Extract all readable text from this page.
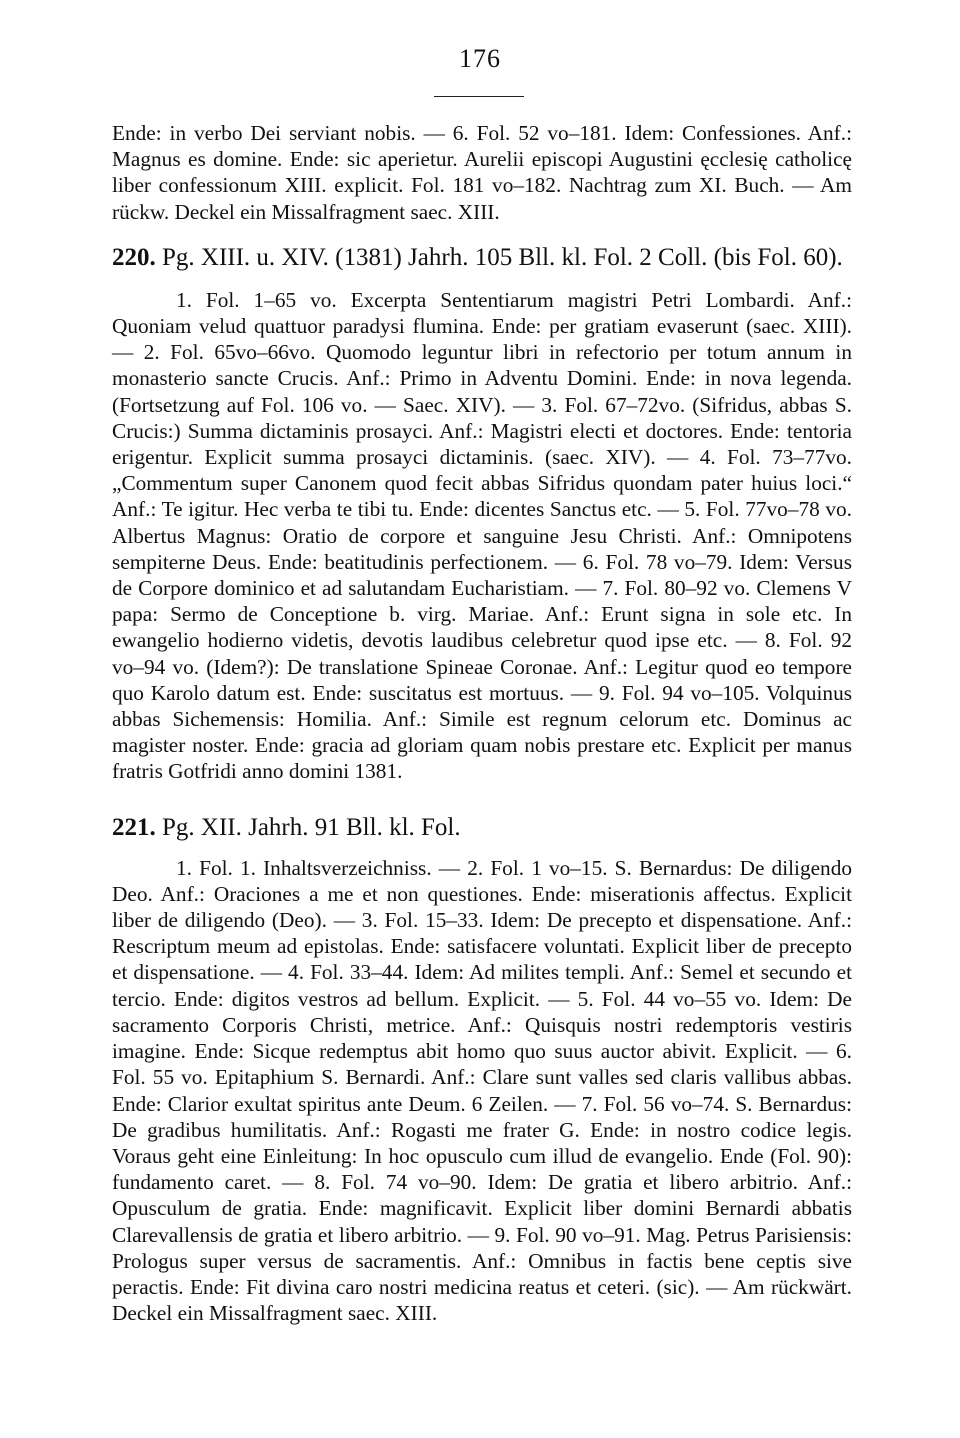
176
Ende: in verbo Dei serviant nobis. — 6. Fol. 52 vo–181. Idem: Confessiones. Anf.: Magnus es domine. Ende: sic aperietur. Aurelii episcopi Augustini ęcclesię catholicę liber confessionum XIII. explicit. Fol. 181 vo–182. Nachtrag zum XI. Buch. — Am rückw. Deckel ein Missalfragment saec. XIII.
220. Pg. XIII. u. XIV. (1381) Jahrh. 105 Bll. kl. Fol. 2 Coll. (bis Fol. 60).
1. Fol. 1–65 vo. Excerpta Sententiarum magistri Petri Lombardi. Anf.: Quoniam velud quattuor paradysi flumina. Ende: per gratiam evaserunt (saec. XIII). — 2. Fol. 65vo–66vo. Quomodo leguntur libri in refectorio per totum annum in monasterio sancte Crucis. Anf.: Primo in Adventu Domini. Ende: in nova legenda. (Fortsetzung auf Fol. 106 vo. — Saec. XIV). — 3. Fol. 67–72vo. (Sifridus, abbas S. Crucis:) Summa dictaminis prosayci. Anf.: Magistri electi et doctores. Ende: tentoria erigentur. Explicit summa prosayci dictaminis. (saec. XIV). — 4. Fol. 73–77vo. „Commentum super Canonem quod fecit abbas Sifridus quondam pater huius loci.“ Anf.: Te igitur. Hec verba te tibi tu. Ende: dicentes Sanctus etc. — 5. Fol. 77vo–78 vo. Albertus Magnus: Oratio de corpore et sanguine Jesu Christi. Anf.: Omnipotens sempiterne Deus. Ende: beatitudinis perfectionem. — 6. Fol. 78 vo–79. Idem: Versus de Corpore dominico et ad salutandam Eucharistiam. — 7. Fol. 80–92 vo. Clemens V papa: Sermo de Conceptione b. virg. Mariae. Anf.: Erunt signa in sole etc. In ewangelio hodierno videtis, devotis laudibus celebretur quod ipse etc. — 8. Fol. 92 vo–94 vo. (Idem?): De translatione Spineae Coronae. Anf.: Legitur quod eo tempore quo Karolo datum est. Ende: suscitatus est mortuus. — 9. Fol. 94 vo–105. Volquinus abbas Sichemensis: Homilia. Anf.: Simile est regnum celorum etc. Dominus ac magister noster. Ende: gracia ad gloriam quam nobis prestare etc. Explicit per manus fratris Gotfridi anno domini 1381.
221. Pg. XII. Jahrh. 91 Bll. kl. Fol.
1. Fol. 1. Inhaltsverzeichniss. — 2. Fol. 1 vo–15. S. Bernardus: De diligendo Deo. Anf.: Oraciones a me et non questiones. Ende: miserationis affectus. Explicit liber de diligendo (Deo). — 3. Fol. 15–33. Idem: De precepto et dispensatione. Anf.: Rescriptum meum ad epistolas. Ende: satisfacere voluntati. Explicit liber de precepto et dispensatione. — 4. Fol. 33–44. Idem: Ad milites templi. Anf.: Semel et secundo et tercio. Ende: digitos vestros ad bellum. Explicit. — 5. Fol. 44 vo–55 vo. Idem: De sacramento Corporis Christi, metrice. Anf.: Quisquis nostri redemptoris vestiris imagine. Ende: Sicque redemptus abit homo quo suus auctor abivit. Explicit. — 6. Fol. 55 vo. Epitaphium S. Bernardi. Anf.: Clare sunt valles sed claris vallibus abbas. Ende: Clarior exultat spiritus ante Deum. 6 Zeilen. — 7. Fol. 56 vo–74. S. Bernardus: De gradibus humilitatis. Anf.: Rogasti me frater G. Ende: in nostro codice legis. Voraus geht eine Einleitung: In hoc opusculo cum illud de evangelio. Ende (Fol. 90): fundamento caret. — 8. Fol. 74 vo–90. Idem: De gratia et libero arbitrio. Anf.: Opusculum de gratia. Ende: magnificavit. Explicit liber domini Bernardi abbatis Clarevallensis de gratia et libero arbitrio. — 9. Fol. 90 vo–91. Mag. Petrus Parisiensis: Prologus super versus de sacramentis. Anf.: Omnibus in factis bene ceptis sive peractis. Ende: Fit divina caro nostri medicina reatus et ceteri. (sic). — Am rückwärt. Deckel ein Missalfragment saec. XIII.
